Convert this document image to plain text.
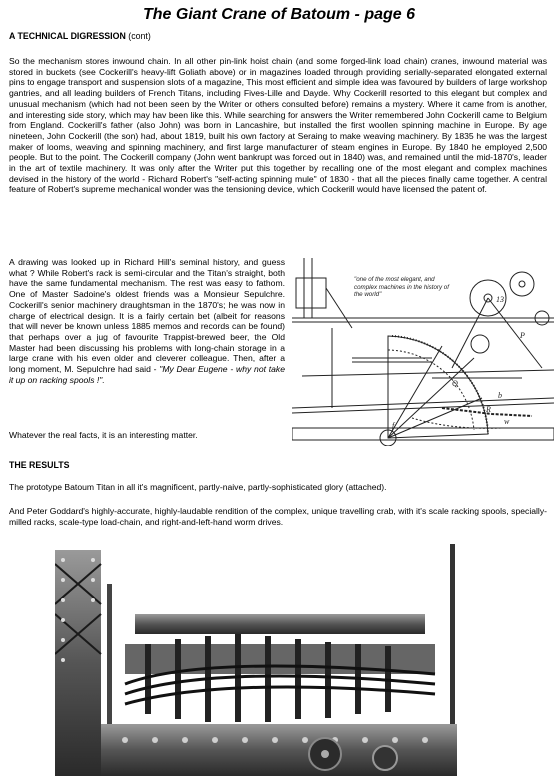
The Giant Crane of Batoum - page 6
A TECHNICAL DIGRESSION (cont)

So the mechanism stores inwound chain. In all other pin-link hoist chain (and some forged-link load chain) cranes, inwound material was stored in buckets (see Cockerill's heavy-lift Goliath above) or in magazines loaded through providing serially-separated elongated external pins to engage transport and suspension slots of a magazine, This most efficient and simple idea was favoured by builders of large workshop gantries, and all leading builders of French Titans, including Fives-Lille and Dayde. Why Cockerill resorted to this elegant but complex and unusual mechanism (which had not been seen by the Writer or others consulted before) remains a mystery. Where it came from is another, and interesting side story, which may hav been like this. While searching for answers the Writer remembered John Cockerill came to Belgium from England. Cockerill's father (also John) was born in Lancashire, but installed the first woollen spinning machine in Europe. By age nineteen, John Cockerill (the son) had, about 1819, built his own factory at Seraing to make weaving machinery. By 1835 he was the largest maker of looms, weaving and spinning machinery, and first large manufacturer of steam engines in Europe. By 1840 he employed 2,500 people. But to the point. The Cockerill company (John went bankrupt was forced out in 1840) was, and remained until the mid-1870's, leader in the art of textile machinery. It was only after the Writer put this together by recalling one of the most elegant and complex machines devised in the history of the world - Richard Robert's "self-acting spinning mule" of 1830 - that all the pieces finally came together. A central feature of Robert's supreme mechanical wonder was the tensioning device, which Cockerill would have licensed the patent of.

A drawing was looked up in Richard Hill's seminal history, and guess what ? While Robert's rack is semi-circular and the Titan's straight, both have the same fundamental mechanism. The rest was easy to fathom. One of Master Sadoine's oldest friends was a Monsieur Sepulchre. Cockerill's senior machinery draughtsman in the 1870's; he was now in charge of electrical design. It is a fairly certain bet (albeit for reasons that will never be known unless 1885 memos and records can be found) that perhaps over a jug of favourite Trappist-brewed beer, the Old Master had been discussing his problems with long-chain storage in a large crane with his even older and cleverer colleague. Then, after a long moment, M. Sepulchre had said - "My Dear Eugene - why not take it up on racking spools !".

Whatever the real facts, it is an interesting matter.

13
P
Q
R
b
w
f
"one of the most elegant, and complex machines in the history of the world"
THE RESULTS

The prototype Batoum Titan in all it's magnificent, partly-naive, partly-sophisticated glory (attached).

And Peter Goddard's highly-accurate, highly-laudable rendition of the complex, unique travelling crab, with it's scale racking spools, specially-milled racks, scale-type load-chain, and right-and-left-hand worm drives.
